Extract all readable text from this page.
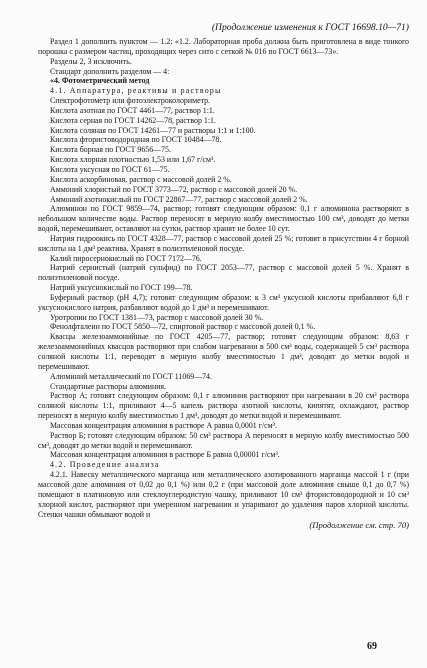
(Продолжение изменения к ГОСТ 16698.10—71)

Раздел 1 дополнить пунктом — 1.2: «1.2. Лабораторная проба должна быть приготовлена в виде тонкого порошка с размером частиц, проходящих через сито с сеткой № 016 по ГОСТ 6613—73».

Разделы 2, 3 исключить.

Стандарт дополнить разделом — 4:

«4. Фотометрический метод

4.1. Аппаратура, реактивы и растворы

Спектрофотометр или фотоэлектроколориметр.

Кислота азотная по ГОСТ 4461—77, раствор 1:1.

Кислота серная по ГОСТ 14262—78, раствор 1:1.

Кислота соляная по ГОСТ 14261—77 и растворы 1:1 и 1:100.

Кислота фтористоводородная по ГОСТ 10484—78.

Кислота борная по ГОСТ 9656—75.

Кислота хлорная плотностью 1,53 или 1,67 г/см³.

Кислота уксусная по ГОСТ 61—75.

Кислота аскорбиновая, раствор с массовой долей 2 %.

Аммоний хлористый по ГОСТ 3773—72, раствор с массовой долей 20 %.

Аммоний азотнокислый по ГОСТ 22867—77, раствор с массовой долей 2 %.

Алюминон по ГОСТ 9859—74, раствор; готовят следующим образом: 0,1 г алюминона растворяют в небольшом количестве воды. Раствор переносят в мерную колбу вместимостью 100 см³, доводят до метки водой, перемешивают, оставляют на сутки, раствор хранят не более 10 сут.

Натрия гидроокись по ГОСТ 4328—77, раствор с массовой долей 25 %; готовят в присутствии 4 г борной кислоты на 1 дм³ реактива. Хранят в полиэтиленовой посуде.

Калий пиросернокислый по ГОСТ 7172—76.

Натрий сернистый (натрий сульфид) по ГОСТ 2053—77, раствор с массовой долей 5 %. Хранят в полиэтиленовой посуде.

Натрий уксуснокислый по ГОСТ 199—78.

Буферный раствор (pH 4,7); готовят следующим образом: к 3 см³ уксусной кислоты прибавляют 6,8 г уксуснокислого натрия, разбавляют водой до 1 дм³ и перемешивают.

Уротропин по ГОСТ 1381—73, раствор с массовой долей 30 %.

Фенолфталеин по ГОСТ 5850—72, спиртовой раствор с массовой долей 0,1 %.

Квасцы железоаммонийные по ГОСТ 4205—77, раствор; готовят следующим образом: 8,63 г железоаммонийных квасцов растворяют при слабом нагревании в 500 см³ воды, содержащей 5 см³ раствора соляной кислоты 1:1, переводят в мерную колбу вместимостью 1 дм³, доводят до метки водой и перемешивают.

Алюминий металлический по ГОСТ 11069—74.

Стандартные растворы алюминия.

Раствор А; готовят следующим образом: 0,1 г алюминия растворяют при нагревании в 20 см³ раствора соляной кислоты 1:1, приливают 4—5 капель раствора азотной кислоты, кипятят, охлаждают, раствор переносят в мерную колбу вместимостью 1 дм³, доводят до метки водой и перемешивают.

Массовая концентрация алюминия в растворе А равна 0,0001 г/см³.

Раствор Б; готовят следующим образом: 50 см³ раствора А переносят в мерную колбу вместимостью 500 см³, доводят до метки водой и перемешивают.

Массовая концентрация алюминия в растворе Б равна 0,00001 г/см³.

4.2. Проведение анализа

4.2.1. Навеску металлического марганца или металлического азотированного марганца массой 1 г (при массовой доле алюминия от 0,02 до 0,1 %) или 0,2 г (при массовой доле алюминия свыше 0,1 до 0,7 %) помещают в платиновую или стеклоуглеродистую чашку, приливают 10 см³ фтористоводородной и 10 см³ хлорной кислот, растворяют при умеренном нагревании и упаривают до удаления паров хлорной кислоты. Стенки чашки обмывают водой и

(Продолжение см. стр. 70)
69
